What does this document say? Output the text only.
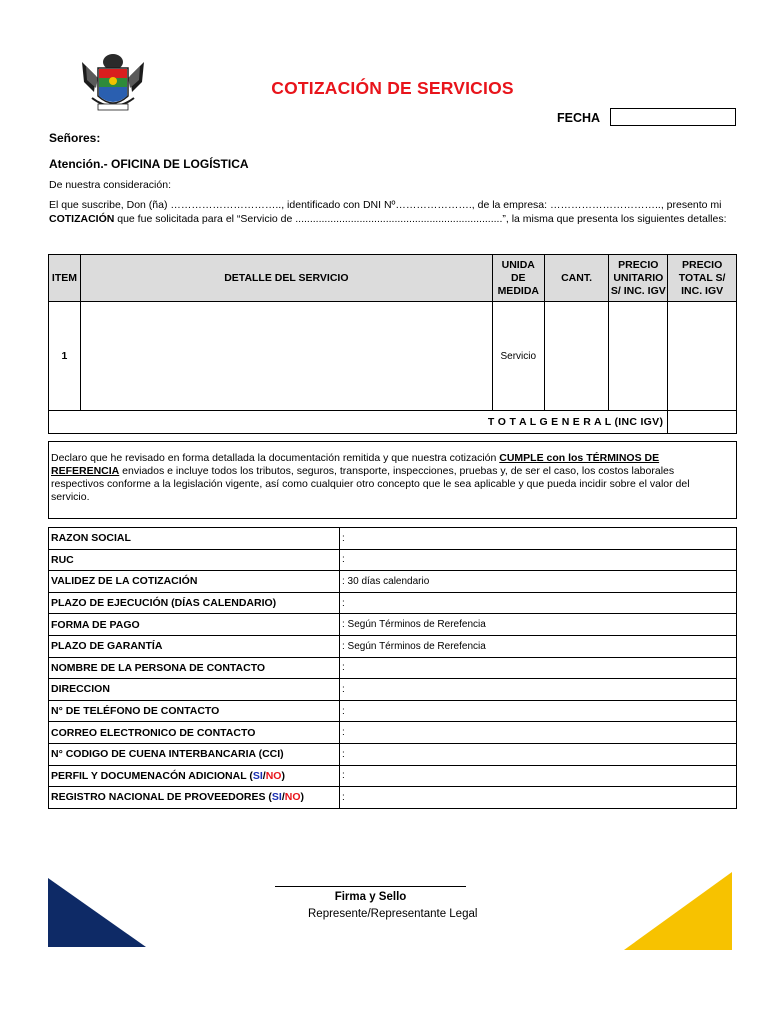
COTIZACIÓN DE SERVICIOS
FECHA
Señores:
Atención.- OFICINA DE LOGÍSTICA
De nuestra consideración:
El que suscribe, Don (ña) ………………………….., identificado con DNI Nº…………………., de la empresa: ………………………….., presento mi COTIZACIÓN que fue solicitada para el “Servicio de .......................................................................”, la misma que presenta los siguientes detalles:
ITEM	DETALLE DEL SERVICIO	UNIDA DE MEDIDA	CANT.	PRECIO UNITARIO S/ INC. IGV	PRECIO TOTAL S/ INC. IGV
1		Servicio			
T O T A L G E N E R A L (INC IGV)					
Declaro que he revisado en forma detallada la documentación remitida y que nuestra cotización CUMPLE con los TÉRMINOS DE REFERENCIA enviados e incluye todos los tributos, seguros, transporte, inspecciones, pruebas y, de ser el caso, los costos laborales respectivos conforme a la legislación vigente, así como cualquier otro concepto que le sea aplicable y que pueda incidir sobre el valor del servicio.
RAZON SOCIAL	:
RUC	:
VALIDEZ DE LA COTIZACIÓN	: 30 días calendario
PLAZO DE EJECUCIÓN (DÍAS CALENDARIO)	:
FORMA DE PAGO	: Según Términos de Rerefencia
PLAZO DE GARANTÍA	: Según Términos de Rerefencia
NOMBRE DE LA PERSONA DE CONTACTO	:
DIRECCION	:
N° DE TELÉFONO DE CONTACTO	:
CORREO ELECTRONICO DE CONTACTO	:
N° CODIGO DE CUENA INTERBANCARIA (CCI)	:
PERFIL Y DOCUMENACÓN ADICIONAL (SI/NO)	:
REGISTRO NACIONAL DE PROVEEDORES (SI/NO)	:
Firma y Sello
Represente/Representante Legal
